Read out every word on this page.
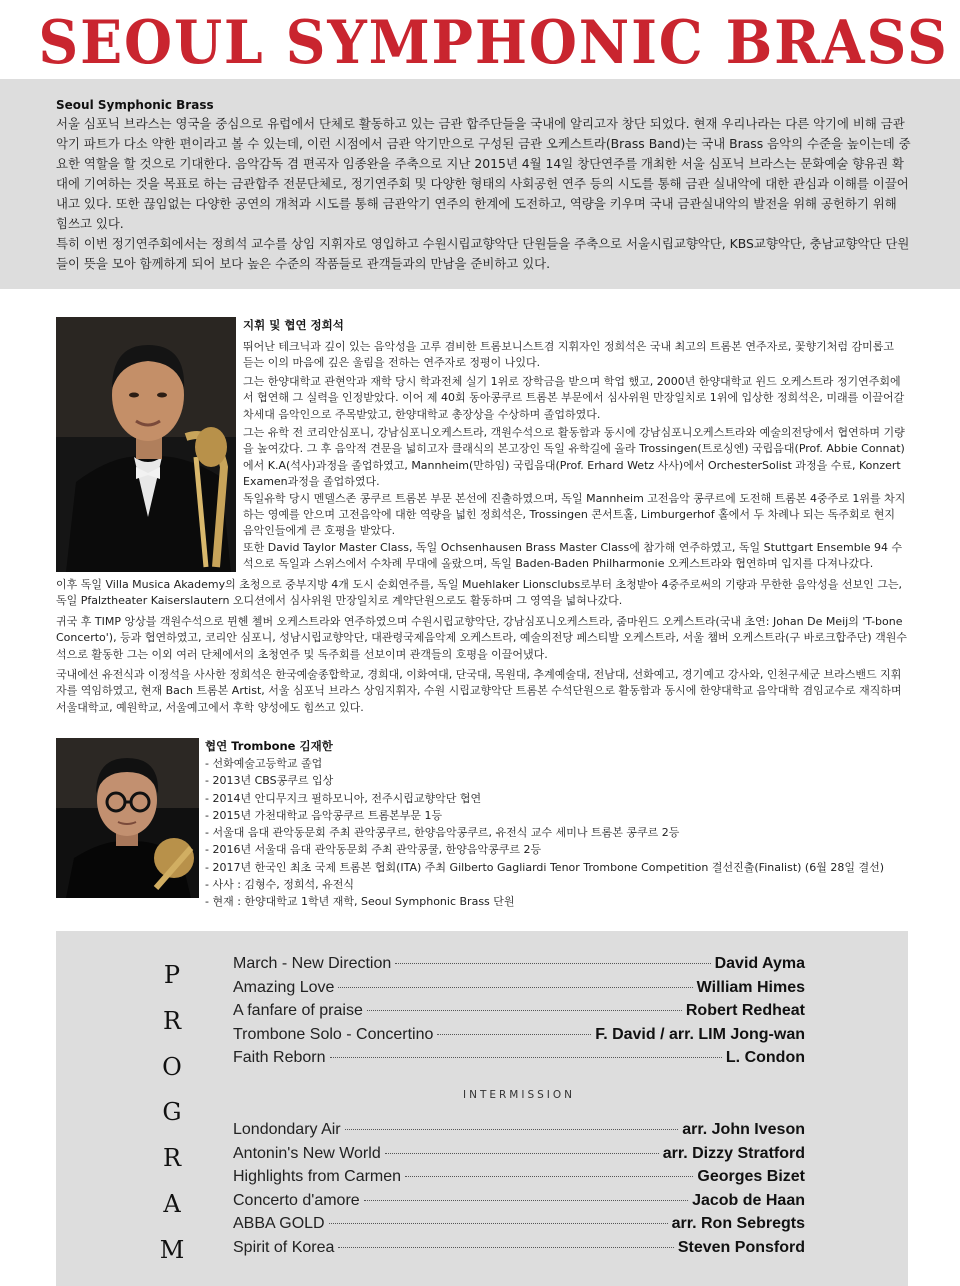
SEOUL SYMPHONIC BRASS
Seoul Symphonic Brass

서울 심포닉 브라스는 영국을 중심으로 유럽에서 단체로 활동하고 있는 금관 합주단들을 국내에 알리고자 창단 되었다. 현재 우리나라는 다른 악기에 비해 금관악기 파트가 다소 약한 편이라고 볼 수 있는데, 이런 시점에서 금관 악기만으로 구성된 금관 오케스트라(Brass Band)는 국내 Brass 음악의 수준을 높이는데 중요한 역할을 할 것으로 기대한다. 음악감독 겸 편곡자 임종완을 주축으로 지난 2015년 4월 14일 창단연주를 개최한 서울 심포닉 브라스는 문화예술 향유권 확대에 기여하는 것을 목표로 하는 금관합주 전문단체로, 정기연주회 및 다양한 형태의 사회공헌 연주 등의 시도를 통해 금관 실내악에 대한 관심과 이해를 이끌어내고 있다. 또한 끊임없는 다양한 공연의 개척과 시도를 통해 금관악기 연주의 한계에 도전하고, 역량을 키우며 국내 금관실내악의 발전을 위해 공헌하기 위해 힘쓰고 있다.

특히 이번 정기연주회에서는 정희석 교수를 상임 지휘자로 영입하고 수원시립교향악단 단원들을 주축으로 서울시립교향악단, KBS교향악단, 충남교향악단 단원들이 뜻을 모아 함께하게 되어 보다 높은 수준의 작품들로 관객들과의 만남을 준비하고 있다.

지휘 및 협연 정희석

뛰어난 테크닉과 깊이 있는 음악성을 고루 겸비한 트롬보니스트겸 지휘자인 정희석은 국내 최고의 트롬본 연주자로, 꽃향기처럼 감미롭고 듣는 이의 마음에 깊은 울림을 전하는 연주자로 정평이 나있다.

그는 한양대학교 관현악과 재학 당시 학과전체 실기 1위로 장학금을 받으며 학업 했고, 2000년 한양대학교 윈드 오케스트라 정기연주회에서 협연해 그 실력을 인정받았다. 이어 제 40회 동아콩쿠르 트롬본 부문에서 심사위원 만장일치로 1위에 입상한 정희석은, 미래를 이끌어갈 차세대 음악인으로 주목받았고, 한양대학교 총장상을 수상하며 졸업하였다.

그는 유학 전 코리안심포니, 강남심포니오케스트라, 객원수석으로 활동함과 동시에 강남심포니오케스트라와 예술의전당에서 협연하며 기량을 높여갔다. 그 후 음악적 견문을 넓히고자 클래식의 본고장인 독일 유학길에 올라 Trossingen(트로싱엔) 국립음대(Prof. Abbie Connat)에서 K.A(석사)과정을 졸업하였고, Mannheim(만하임) 국립음대(Prof. Erhard Wetz 사사)에서 OrchesterSolist 과정을 수료, Konzert Examen과정을 졸업하였다.

독일유학 당시 멘델스존 콩쿠르 트롬본 부문 본선에 진출하였으며, 독일 Mannheim 고전음악 콩쿠르에 도전해 트롬본 4중주로 1위를 차지하는 영예를 안으며 고전음악에 대한 역량을 넓힌 정희석은, Trossingen 콘서트홀, Limburgerhof 홀에서 두 차례나 되는 독주회로 현지 음악인들에게 큰 호평을 받았다.

또한 David Taylor Master Class, 독일 Ochsenhausen Brass Master Class에 참가해 연주하였고, 독일 Stuttgart Ensemble 94 수석으로 독일과 스위스에서 수차례 무대에 올랐으며, 독일 Baden-Baden Philharmonie 오케스트라와 협연하며 입지를 다져나갔다.

이후 독일 Villa Musica Akademy의 초청으로 중부지방 4개 도시 순회연주를, 독일 Muehlaker Lionsclubs로부터 초청받아 4중주로써의 기량과 무한한 음악성을 선보인 그는, 독일 Pfalztheater Kaiserslautern 오디션에서 심사위원 만장일치로 계약단원으로도 활동하며 그 영역을 넓혀나갔다.

귀국 후 TIMP 앙상블 객원수석으로 뮌헨 첼버 오케스트라와 연주하였으며 수원시립교향악단, 강남심포니오케스트라, 줌마윈드 오케스트라(국내 초연: Johan De Meij의 'T-bone Concerto'), 등과 협연하였고, 코리안 심포니, 성남시립교향악단, 대관령국제음악제 오케스트라, 예술의전당 페스티발 오케스트라, 서울 챔버 오케스트라(구 바로크합주단) 객원수석으로 활동한 그는 이외 여러 단체에서의 초청연주 및 독주회를 선보이며 관객들의 호평을 이끌어냈다.

국내에선 유전식과 이정석을 사사한 정희석은 한국예술종합학교, 경희대, 이화여대, 단국대, 목원대, 추계예술대, 전남대, 선화예고, 경기예고 강사와, 인천구세군 브라스밴드 지휘자를 역임하였고, 현재 Bach 트롬본 Artist, 서울 심포닉 브라스 상임지휘자, 수원 시립교향악단 트롬본 수석단원으로 활동함과 동시에 한양대학교 음악대학 겸임교수로 재직하며 서울대학교, 예원학교, 서울예고에서 후학 양성에도 힘쓰고 있다.

협연 Trombone 김재한
- 선화예술고등학교 졸업
- 2013년 CBS콩쿠르 입상
- 2014년 안디무지크 필하모니아, 전주시립교향악단 협연
- 2015년 가천대학교 음악콩쿠르 트롬본부문 1등
- 서울대 음대 관악동문회 주최 관악콩쿠르, 한양음악콩쿠르, 유전식 교수 세미나 트롬본 콩쿠르 2등
- 2016년 서울대 음대 관악동문회 주최 관악콩쿨, 한양음악콩쿠르 2등
- 2017년 한국인 최초 국제 트롬본 협회(ITA) 주최 Gilberto Gagliardi Tenor Trombone Competition 결선진출(Finalist) (6월 28일 결선)
- 사사 : 김형수, 정희석, 유전식
- 현재 : 한양대학교 1학년 재학, Seoul Symphonic Brass 단원
P
R
O
G
R
A
M
March - New Direction	David Ayma
Amazing Love	William Himes
A fanfare of praise	Robert Redheat
Trombone Solo - Concertino	F. David / arr. LIM Jong-wan
Faith Reborn	L. Condon
INTERMISSION
Londondary Air	arr. John Iveson
Antonin's New World	arr. Dizzy Stratford
Highlights from Carmen	Georges Bizet
Concerto d'amore	Jacob de Haan
ABBA GOLD	arr. Ron Sebregts
Spirit of Korea	Steven Ponsford
